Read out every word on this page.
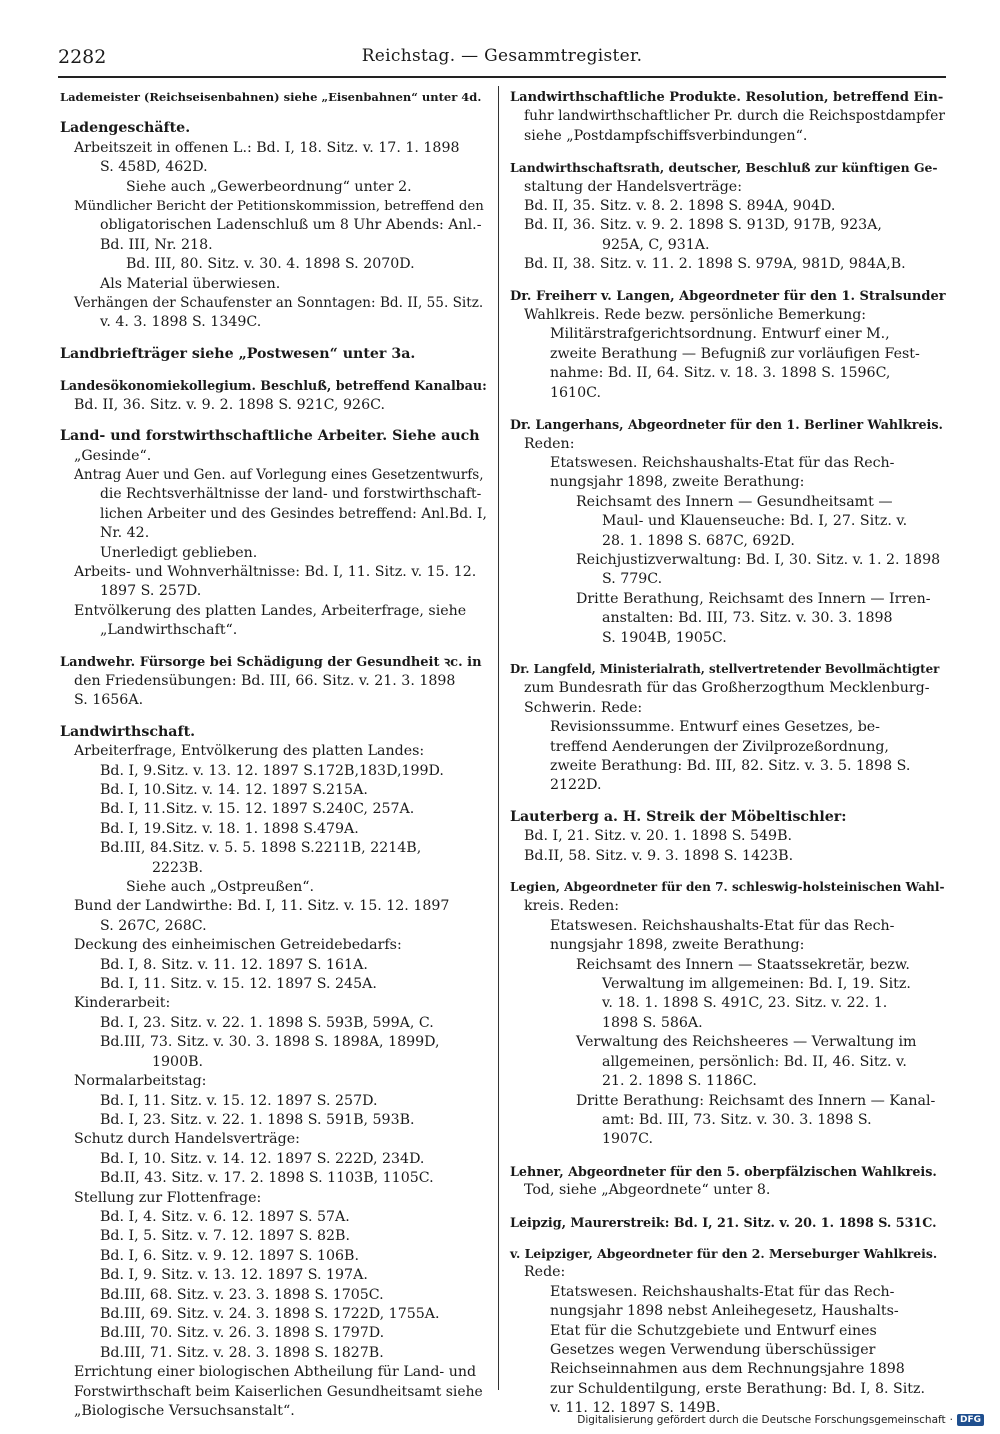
2282	Reichstag. — Gesammtregister.
Lademeister (Reichseisenbahnen) siehe „Eisenbahnen“ unter 4d.
Ladengeschäfte.
Arbeitszeit in offenen L.: Bd. I, 18. Sitz. v. 17. 1. 1898
S. 458D, 462D.
Siehe auch „Gewerbeordnung“ unter 2.
Mündlicher Bericht der Petitionskommission, betreffend den
obligatorischen Ladenschluß um 8 Uhr Abends: Anl.-
Bd. III, Nr. 218.
Bd. III, 80. Sitz. v. 30. 4. 1898 S. 2070D.
Als Material überwiesen.
Verhängen der Schaufenster an Sonntagen: Bd. II, 55. Sitz.
v. 4. 3. 1898 S. 1349C.
Landbriefträger siehe „Postwesen“ unter 3a.
Landesökonomiekollegium. Beschluß, betreffend Kanalbau:
Bd. II, 36. Sitz. v. 9. 2. 1898 S. 921C, 926C.
Land- und forstwirthschaftliche Arbeiter. Siehe auch
„Gesinde“.
Antrag Auer und Gen. auf Vorlegung eines Gesetzentwurfs,
die Rechtsverhältnisse der land- und forstwirthschaft-
lichen Arbeiter und des Gesindes betreffend: Anl.Bd. I,
Nr. 42.
Unerledigt geblieben.
Arbeits- und Wohnverhältnisse: Bd. I, 11. Sitz. v. 15. 12.
1897 S. 257D.
Entvölkerung des platten Landes, Arbeiterfrage, siehe
„Landwirthschaft“.
Landwehr. Fürsorge bei Schädigung der Gesundheit ꝛc. in
den Friedensübungen: Bd. III, 66. Sitz. v. 21. 3. 1898
S. 1656A.
Landwirthschaft.
Arbeiterfrage, Entvölkerung des platten Landes:
Bd. I, 9.Sitz. v. 13. 12. 1897 S.172B,183D,199D.
Bd. I, 10.Sitz. v. 14. 12. 1897 S.215A.
Bd. I, 11.Sitz. v. 15. 12. 1897 S.240C, 257A.
Bd. I, 19.Sitz. v. 18. 1. 1898 S.479A.
Bd.III, 84.Sitz. v. 5. 5. 1898 S.2211B, 2214B,
2223B.
Siehe auch „Ostpreußen“.
Bund der Landwirthe: Bd. I, 11. Sitz. v. 15. 12. 1897
S. 267C, 268C.
Deckung des einheimischen Getreidebedarfs:
Bd. I, 8. Sitz. v. 11. 12. 1897 S. 161A.
Bd. I, 11. Sitz. v. 15. 12. 1897 S. 245A.
Kinderarbeit:
Bd. I, 23. Sitz. v. 22. 1. 1898 S. 593B, 599A, C.
Bd.III, 73. Sitz. v. 30. 3. 1898 S. 1898A, 1899D,
1900B.
Normalarbeitstag:
Bd. I, 11. Sitz. v. 15. 12. 1897 S. 257D.
Bd. I, 23. Sitz. v. 22. 1. 1898 S. 591B, 593B.
Schutz durch Handelsverträge:
Bd. I, 10. Sitz. v. 14. 12. 1897 S. 222D, 234D.
Bd.II, 43. Sitz. v. 17. 2. 1898 S. 1103B, 1105C.
Stellung zur Flottenfrage:
Bd. I, 4. Sitz. v. 6. 12. 1897 S. 57A.
Bd. I, 5. Sitz. v. 7. 12. 1897 S. 82B.
Bd. I, 6. Sitz. v. 9. 12. 1897 S. 106B.
Bd. I, 9. Sitz. v. 13. 12. 1897 S. 197A.
Bd.III, 68. Sitz. v. 23. 3. 1898 S. 1705C.
Bd.III, 69. Sitz. v. 24. 3. 1898 S. 1722D, 1755A.
Bd.III, 70. Sitz. v. 26. 3. 1898 S. 1797D.
Bd.III, 71. Sitz. v. 28. 3. 1898 S. 1827B.
Errichtung einer biologischen Abtheilung für Land- und
Forstwirthschaft beim Kaiserlichen Gesundheitsamt siehe
„Biologische Versuchsanstalt“.
Landwirthschaftliche Produkte. Resolution, betreffend Ein-
fuhr landwirthschaftlicher Pr. durch die Reichspostdampfer
siehe „Postdampfschiffsverbindungen“.
Landwirthschaftsrath, deutscher, Beschluß zur künftigen Ge-
staltung der Handelsverträge:
Bd. II, 35. Sitz. v. 8. 2. 1898 S. 894A, 904D.
Bd. II, 36. Sitz. v. 9. 2. 1898 S. 913D, 917B, 923A,
925A, C, 931A.
Bd. II, 38. Sitz. v. 11. 2. 1898 S. 979A, 981D, 984A,B.
Dr. Freiherr v. Langen, Abgeordneter für den 1. Stralsunder
Wahlkreis. Rede bezw. persönliche Bemerkung:
Militärstrafgerichtsordnung. Entwurf einer M.,
zweite Berathung — Befugniß zur vorläufigen Fest-
nahme: Bd. II, 64. Sitz. v. 18. 3. 1898 S. 1596C,
1610C.
Dr. Langerhans, Abgeordneter für den 1. Berliner Wahlkreis.
Reden:
Etatswesen. Reichshaushalts-Etat für das Rech-
nungsjahr 1898, zweite Berathung:
Reichsamt des Innern — Gesundheitsamt —
Maul- und Klauenseuche: Bd. I, 27. Sitz. v.
28. 1. 1898 S. 687C, 692D.
Reichjustizverwaltung: Bd. I, 30. Sitz. v. 1. 2. 1898
S. 779C.
Dritte Berathung, Reichsamt des Innern — Irren-
anstalten: Bd. III, 73. Sitz. v. 30. 3. 1898
S. 1904B, 1905C.
Dr. Langfeld, Ministerialrath, stellvertretender Bevollmächtigter
zum Bundesrath für das Großherzogthum Mecklenburg-
Schwerin. Rede:
Revisionssumme. Entwurf eines Gesetzes, be-
treffend Aenderungen der Zivilprozeßordnung,
zweite Berathung: Bd. III, 82. Sitz. v. 3. 5. 1898 S.
2122D.
Lauterberg a. H. Streik der Möbeltischler:
Bd. I, 21. Sitz. v. 20. 1. 1898 S. 549B.
Bd.II, 58. Sitz. v. 9. 3. 1898 S. 1423B.
Legien, Abgeordneter für den 7. schleswig-holsteinischen Wahl-
kreis. Reden:
Etatswesen. Reichshaushalts-Etat für das Rech-
nungsjahr 1898, zweite Berathung:
Reichsamt des Innern — Staatssekretär, bezw.
Verwaltung im allgemeinen: Bd. I, 19. Sitz.
v. 18. 1. 1898 S. 491C, 23. Sitz. v. 22. 1.
1898 S. 586A.
Verwaltung des Reichsheeres — Verwaltung im
allgemeinen, persönlich: Bd. II, 46. Sitz. v.
21. 2. 1898 S. 1186C.
Dritte Berathung: Reichsamt des Innern — Kanal-
amt: Bd. III, 73. Sitz. v. 30. 3. 1898 S.
1907C.
Lehner, Abgeordneter für den 5. oberpfälzischen Wahlkreis.
Tod, siehe „Abgeordnete“ unter 8.
Leipzig, Maurerstreik: Bd. I, 21. Sitz. v. 20. 1. 1898 S. 531C.
v. Leipziger, Abgeordneter für den 2. Merseburger Wahlkreis.
Rede:
Etatswesen. Reichshaushalts-Etat für das Rech-
nungsjahr 1898 nebst Anleihegesetz, Haushalts-
Etat für die Schutzgebiete und Entwurf eines
Gesetzes wegen Verwendung überschüssiger
Reichseinnahmen aus dem Rechnungsjahre 1898
zur Schuldentilgung, erste Berathung: Bd. I, 8. Sitz.
v. 11. 12. 1897 S. 149B.
Digitalisierung gefördert durch die Deutsche Forschungsgemeinschaft · DFG
